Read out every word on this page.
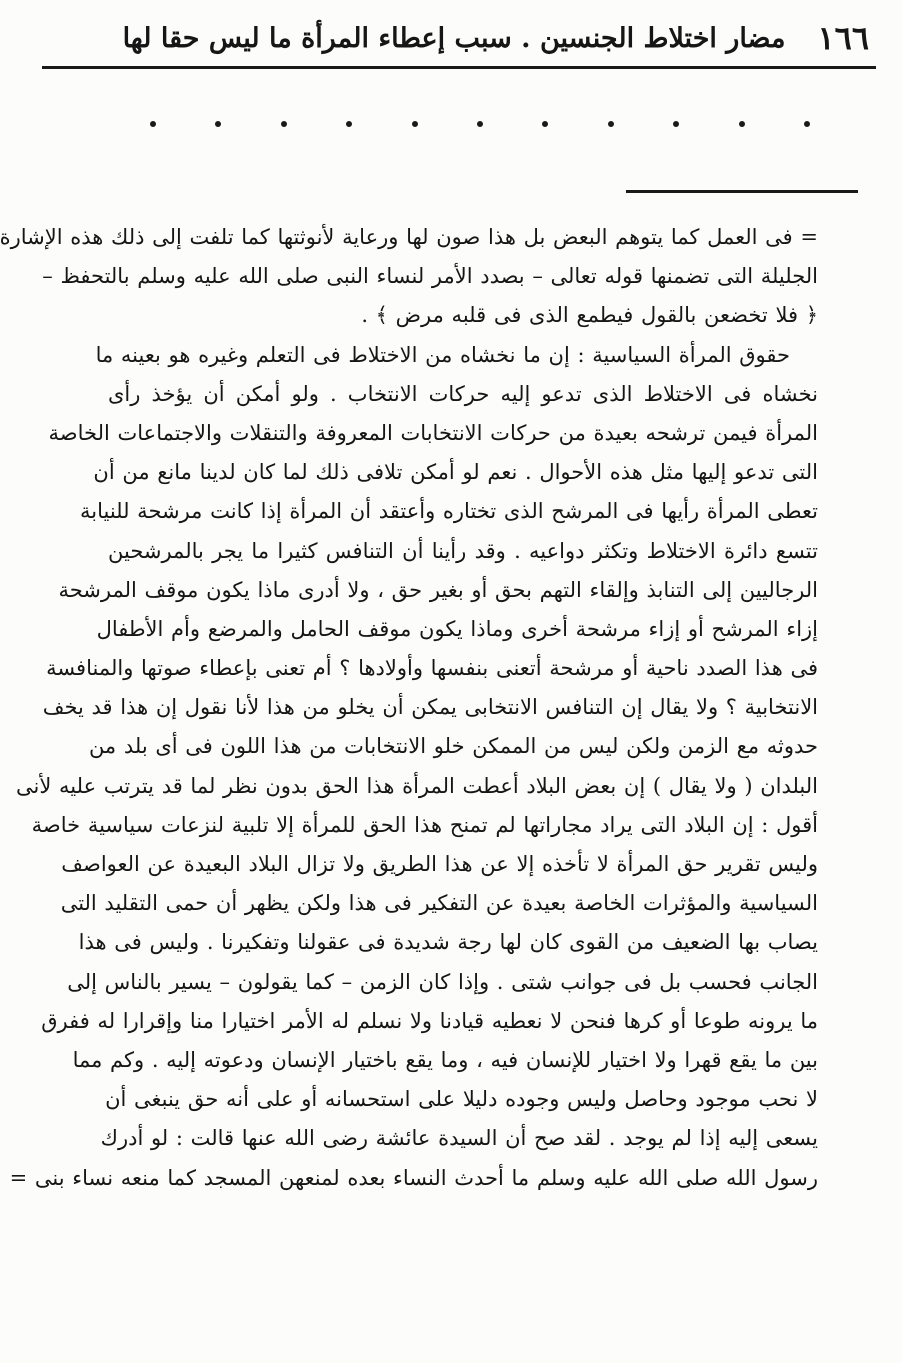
١٦٦
مضار اختلاط الجنسين . سبب إعطاء المرأة ما ليس حقا لها
= فى العمل كما يتوهم البعض بل هذا صون لها ورعاية لأنوثتها كما تلفت إلى ذلك هذه الإشارة
الجليلة التى تضمنها قوله تعالى – بصدد الأمر لنساء النبى صلى الله عليه وسلم بالتحفظ –
﴿ فلا تخضعن بالقول فيطمع الذى فى قلبه مرض ﴾ .
حقوق المرأة السياسية : إن ما نخشاه من الاختلاط فى التعلم وغيره هو بعينه ما
نخشاه فى الاختلاط الذى تدعو إليه حركات الانتخاب . ولو أمكن أن يؤخذ رأى
المرأة فيمن ترشحه بعيدة من حركات الانتخابات المعروفة والتنقلات والاجتماعات الخاصة
التى تدعو إليها مثل هذه الأحوال . نعم لو أمكن تلافى ذلك لما كان لدينا مانع من أن
تعطى المرأة رأيها فى المرشح الذى تختاره وأعتقد أن المرأة إذا كانت مرشحة للنيابة
تتسع دائرة الاختلاط وتكثر دواعيه . وقد رأينا أن التنافس كثيرا ما يجر بالمرشحين
الرجاليين إلى التنابذ وإلقاء التهم بحق أو بغير حق ، ولا أدرى ماذا يكون موقف المرشحة
إزاء المرشح أو إزاء مرشحة أخرى وماذا يكون موقف الحامل والمرضع وأم الأطفال
فى هذا الصدد ناحية أو مرشحة أتعنى بنفسها وأولادها ؟ أم تعنى بإعطاء صوتها والمنافسة
الانتخابية ؟ ولا يقال إن التنافس الانتخابى يمكن أن يخلو من هذا لأنا نقول إن هذا قد يخف
حدوثه مع الزمن ولكن ليس من الممكن خلو الانتخابات من هذا اللون فى أى بلد من
البلدان ( ولا يقال ) إن بعض البلاد أعطت المرأة هذا الحق بدون نظر لما قد يترتب عليه لأنى
أقول : إن البلاد التى يراد مجاراتها لم تمنح هذا الحق للمرأة إلا تلبية لنزعات سياسية خاصة
وليس تقرير حق المرأة لا تأخذه إلا عن هذا الطريق ولا تزال البلاد البعيدة عن العواصف
السياسية والمؤثرات الخاصة بعيدة عن التفكير فى هذا ولكن يظهر أن حمى التقليد التى
يصاب بها الضعيف من القوى كان لها رجة شديدة فى عقولنا وتفكيرنا . وليس فى هذا
الجانب فحسب بل فى جوانب شتى . وإذا كان الزمن – كما يقولون – يسير بالناس إلى
ما يرونه طوعا أو كرها فنحن لا نعطيه قيادنا ولا نسلم له الأمر اختيارا منا وإقرارا له ففرق
بين ما يقع قهرا ولا اختيار للإنسان فيه ، وما يقع باختيار الإنسان ودعوته إليه . وكم مما
لا نحب موجود وحاصل وليس وجوده دليلا على استحسانه أو على أنه حق ينبغى أن
يسعى إليه إذا لم يوجد . لقد صح أن السيدة عائشة رضى الله عنها قالت : لو أدرك
رسول الله صلى الله عليه وسلم ما أحدث النساء بعده لمنعهن المسجد كما منعه نساء بنى =
